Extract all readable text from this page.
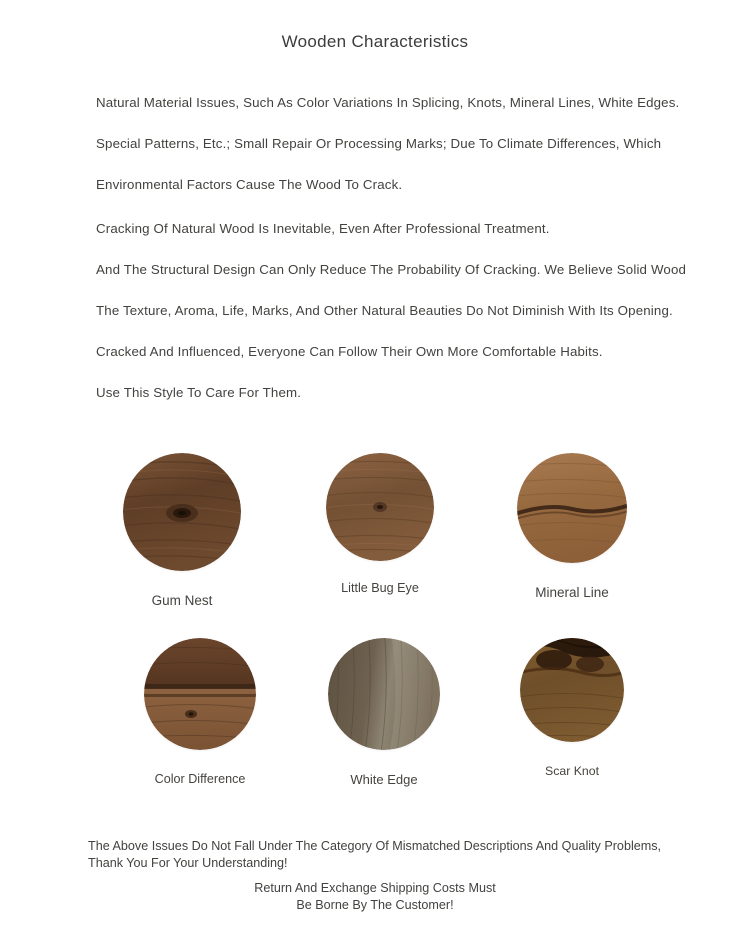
Wooden Characteristics
Natural Material Issues, Such As Color Variations In Splicing, Knots, Mineral Lines, White Edges.
Special Patterns, Etc.; Small Repair Or Processing Marks; Due To Climate Differences, Which
Environmental Factors Cause The Wood To Crack.
Cracking Of Natural Wood Is Inevitable, Even After Professional Treatment.
And The Structural Design Can Only Reduce The Probability Of Cracking. We Believe Solid Wood
The Texture, Aroma, Life, Marks, And Other Natural Beauties Do Not Diminish With Its Opening.
Cracked And Influenced, Everyone Can Follow Their Own More Comfortable Habits.
Use This Style To Care For Them.
Gum Nest
Little Bug Eye	Mineral Line
Color Difference	White Edge
Scar Knot
The Above Issues Do Not Fall Under The Category Of Mismatched Descriptions And Quality Problems, Thank You For Your Understanding!
Return And Exchange Shipping Costs Must Be Borne By The Customer!
